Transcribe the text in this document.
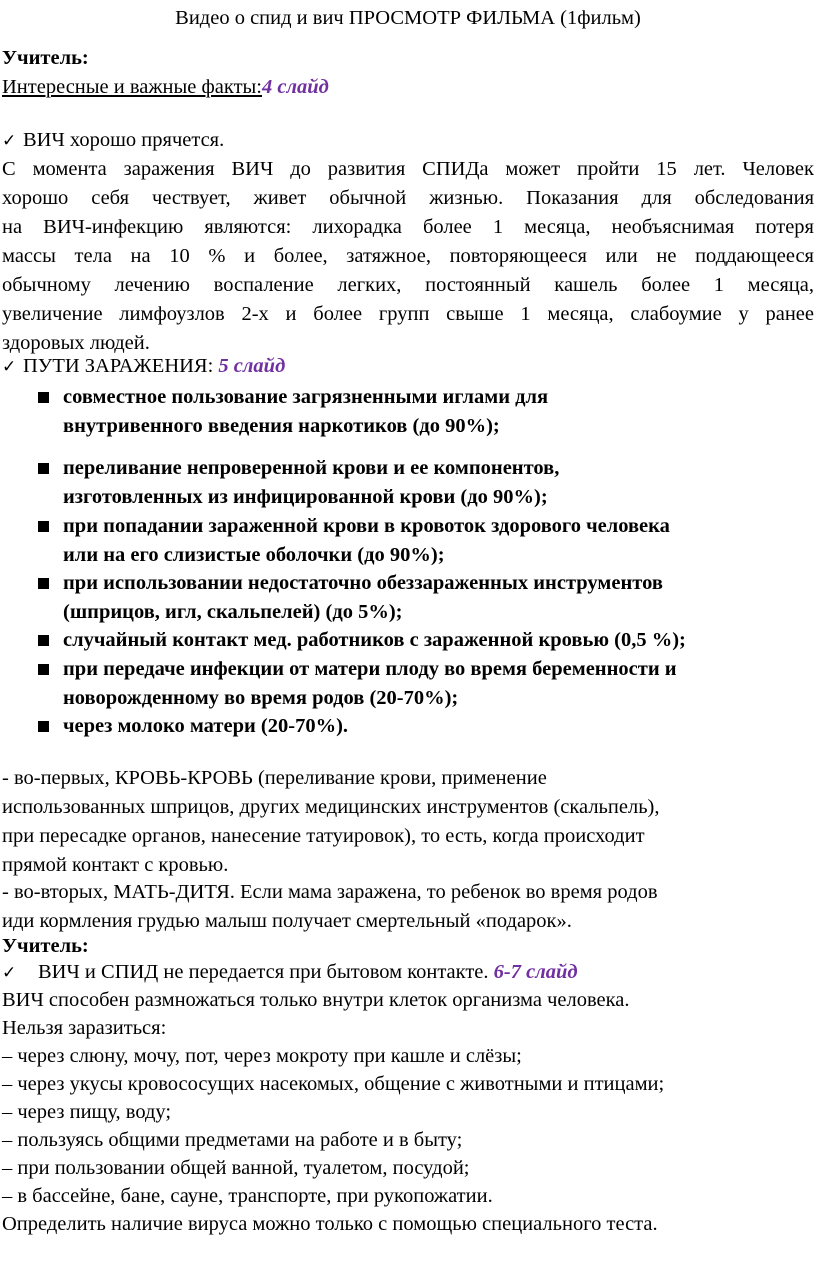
Видео о спид и вич ПРОСМОТР ФИЛЬМА (1фильм)
Учитель:
Интересные и важные факты:4 слайд
✓ ВИЧ хорошо прячется.
С момента заражения ВИЧ до развития СПИДа может пройти 15 лет. Человек
хорошо себя чествует, живет обычной жизнью. Показания для обследования
на ВИЧ-инфекцию являются: лихорадка более 1 месяца, необъяснимая потеря
массы тела на 10 % и более, затяжное, повторяющееся или не поддающееся
обычному лечению воспаление легких, постоянный кашель более 1 месяца,
увеличение лимфоузлов 2-х и более групп свыше 1 месяца, слабоумие у ранее
здоровых людей.
✓ ПУТИ ЗАРАЖЕНИЯ: 5 слайд
совместное пользование загрязненными иглами для
внутривенного введения наркотиков (до 90%);
переливание непроверенной крови и ее компонентов,
изготовленных из инфицированной крови (до 90%);
при попадании зараженной крови в кровоток здорового человека
или на его слизистые оболочки (до 90%);
при использовании недостаточно обеззараженных инструментов
(шприцов, игл, скальпелей) (до 5%);
случайный контакт мед. работников с зараженной кровью (0,5 %);
при передаче инфекции от матери плоду во время беременности и
новорожденному во время родов (20-70%);
через молоко матери (20-70%).
- во-первых, КРОВЬ-КРОВЬ (переливание крови, применение
использованных шприцов, других медицинских инструментов (скальпель),
при пересадке органов, нанесение татуировок), то есть, когда происходит
прямой контакт с кровью.
- во-вторых, МАТЬ-ДИТЯ. Если мама заражена, то ребенок во время родов
иди кормления грудью малыш получает смертельный «подарок».
Учитель:
✓ ВИЧ и СПИД не передается при бытовом контакте. 6-7 слайд
ВИЧ способен размножаться только внутри клеток организма человека.
Нельзя заразиться:
– через слюну, мочу, пот, через мокроту при кашле и слёзы;
– через укусы кровососущих насекомых, общение с животными и птицами;
– через пищу, воду;
– пользуясь общими предметами на работе и в быту;
– при пользовании общей ванной, туалетом, посудой;
– в бассейне, бане, сауне, транспорте, при рукопожатии.
Определить наличие вируса можно только с помощью специального теста.
